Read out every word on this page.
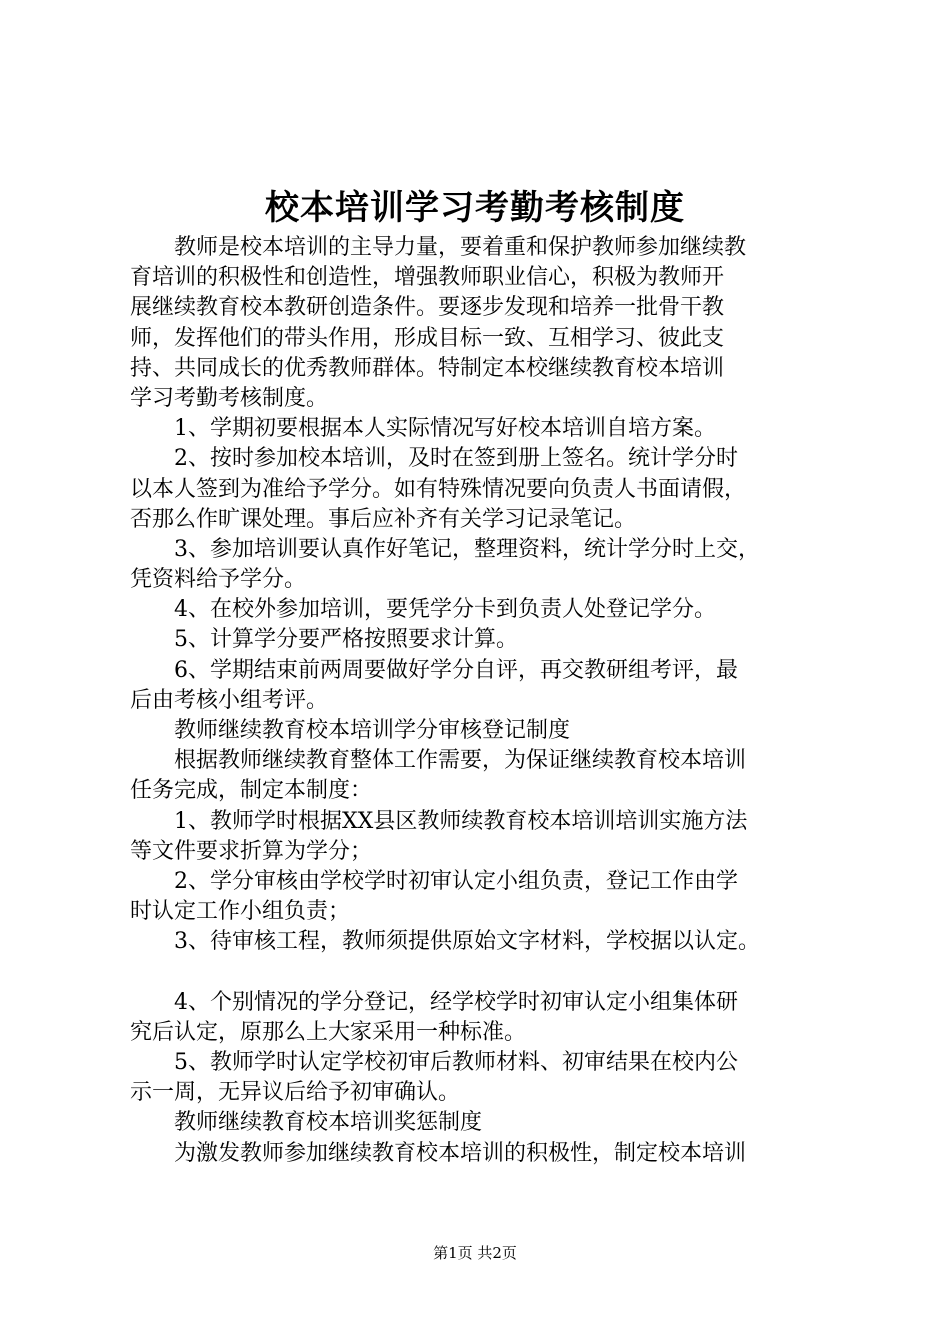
校本培训学习考勤考核制度
　　教师是校本培训的主导力量，要着重和保护教师参加继续教
育培训的积极性和创造性，增强教师职业信心，积极为教师开
展继续教育校本教研创造条件。要逐步发现和培养一批骨干教
师，发挥他们的带头作用，形成目标一致、互相学习、彼此支
持、共同成长的优秀教师群体。特制定本校继续教育校本培训
学习考勤考核制度。
　　1、学期初要根据本人实际情况写好校本培训自培方案。
　　2、按时参加校本培训，及时在签到册上签名。统计学分时
以本人签到为准给予学分。如有特殊情况要向负责人书面请假，
否那么作旷课处理。事后应补齐有关学习记录笔记。
　　3、参加培训要认真作好笔记，整理资料，统计学分时上交，
凭资料给予学分。
　　4、在校外参加培训，要凭学分卡到负责人处登记学分。
　　5、计算学分要严格按照要求计算。
　　6、学期结束前两周要做好学分自评，再交教研组考评，最
后由考核小组考评。
　　教师继续教育校本培训学分审核登记制度
　　根据教师继续教育整体工作需要，为保证继续教育校本培训
任务完成，制定本制度：
　　1、教师学时根据XX县区教师续教育校本培训培训实施方法
等文件要求折算为学分；
　　2、学分审核由学校学时初审认定小组负责，登记工作由学
时认定工作小组负责；
　　3、待审核工程，教师须提供原始文字材料，学校据以认定。
　　4、个别情况的学分登记，经学校学时初审认定小组集体研
究后认定，原那么上大家采用一种标准。
　　5、教师学时认定学校初审后教师材料、初审结果在校内公
示一周，无异议后给予初审确认。
　　教师继续教育校本培训奖惩制度
　　为激发教师参加继续教育校本培训的积极性，制定校本培训
第1页 共2页
